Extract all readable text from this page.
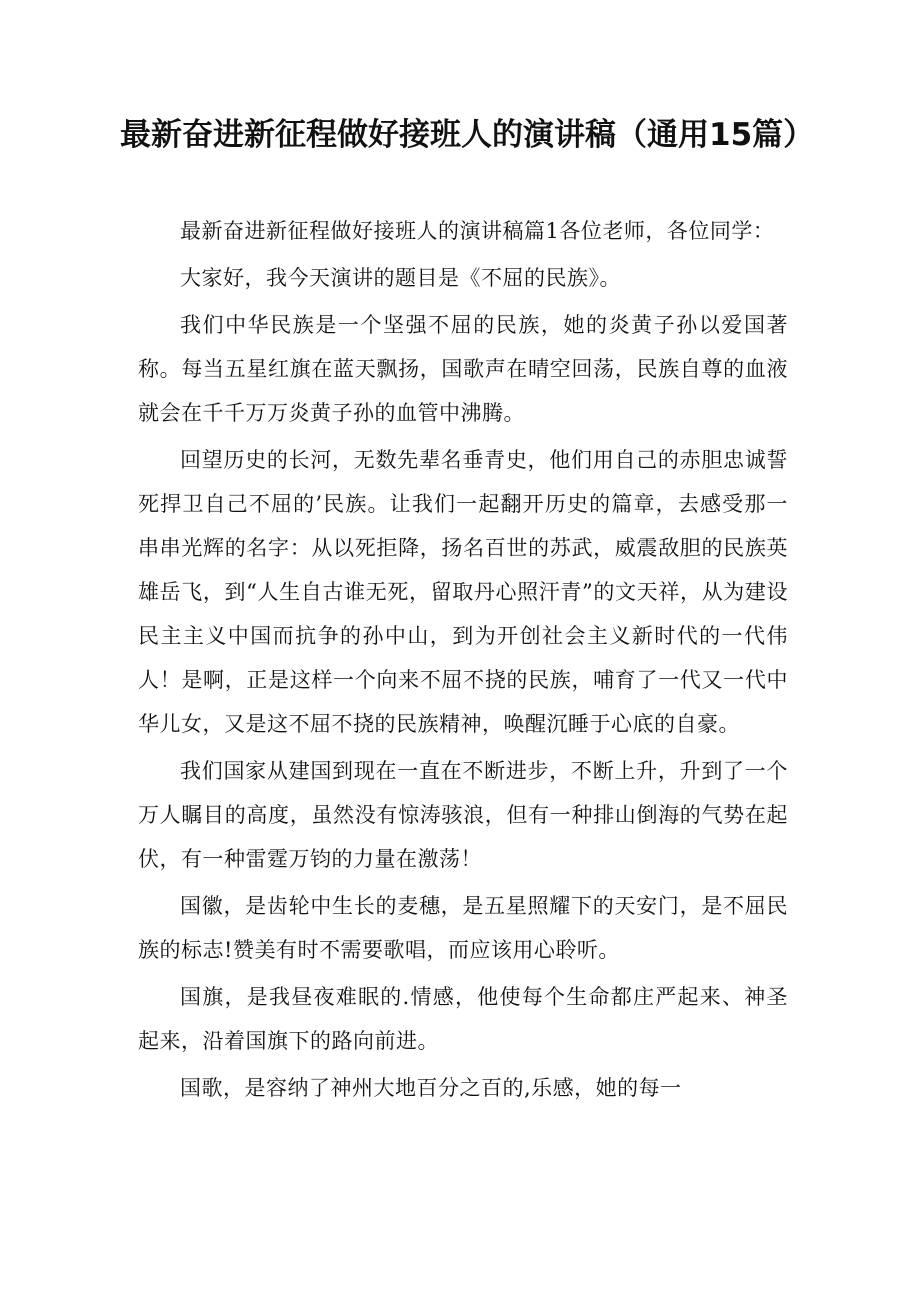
最新奋进新征程做好接班人的演讲稿（通用15篇）

最新奋进新征程做好接班人的演讲稿篇1各位老师，各位同学：

大家好，我今天演讲的题目是《不屈的民族》。

我们中华民族是一个坚强不屈的民族，她的炎黄子孙以爱国著称。每当五星红旗在蓝天飘扬，国歌声在晴空回荡，民族自尊的血液就会在千千万万炎黄子孙的血管中沸腾。

回望历史的长河，无数先辈名垂青史，他们用自己的赤胆忠诚誓死捍卫自己不屈的’民族。让我们一起翻开历史的篇章，去感受那一串串光辉的名字：从以死拒降，扬名百世的苏武，威震敌胆的民族英雄岳飞，到“人生自古谁无死，留取丹心照汗青”的文天祥，从为建设民主主义中国而抗争的孙中山，到为开创社会主义新时代的一代伟人！是啊，正是这样一个向来不屈不挠的民族，哺育了一代又一代中华儿女，又是这不屈不挠的民族精神，唤醒沉睡于心底的自豪。

我们国家从建国到现在一直在不断进步，不断上升，升到了一个万人瞩目的高度，虽然没有惊涛骇浪，但有一种排山倒海的气势在起伏，有一种雷霆万钧的力量在激荡！

国徽，是齿轮中生长的麦穗，是五星照耀下的天安门，是不屈民族的标志!赞美有时不需要歌唱，而应该用心聆听。

国旗，是我昼夜难眠的.情感，他使每个生命都庄严起来、神圣起来，沿着国旗下的路向前进。

国歌，是容纳了神州大地百分之百的,乐感，她的每一
